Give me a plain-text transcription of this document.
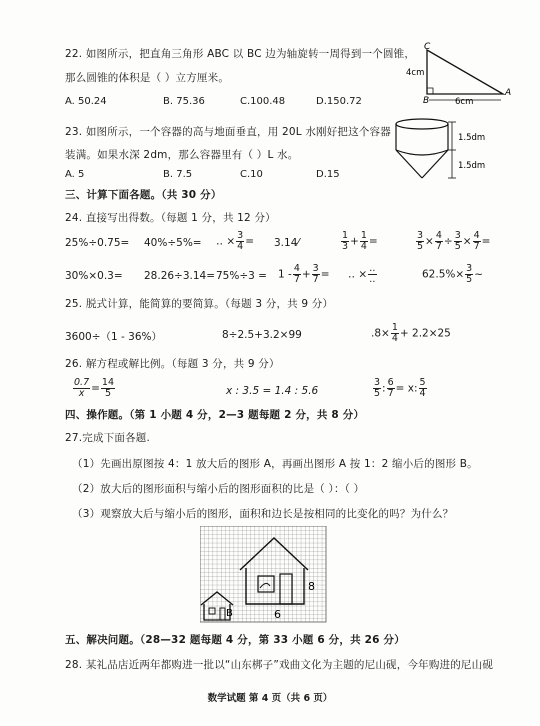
22. 如图所示，把直角三角形 ABC 以 BC 边为轴旋转一周得到一个圆锥，
那么圆锥的体积是（ ）立方厘米。
A. 50.24	B. 75.36	C.100.48	D.150.72
C
B
A
4cm
6cm
23. 如图所示，一个容器的高与地面垂直，用 20L 水刚好把这个容器
装满。如果水深 2dm，那么容器里有（ ）L 水。
A. 5	B. 7.5	C.10	D.15
1.5dm
1.5dm
三、计算下面各题。（共 30 分）
24. 直接写出得数。（每题 1 分，共 12 分）
25%÷0.75= 40%÷5%= ‥ × $\frac{3}{4}$ = 3.14⁄	$\frac{1}{3} + \frac{1}{4}$ =	$\frac{3}{5} \times \frac{4}{7} \div \frac{3}{5} \times \frac{4}{7}$ =
$30\%\times 0.3= 28.26\div 3.14= 75\%\div 3 = 1 - \frac{4}{7} + \frac{3}{7}$ = ‥ × $\frac{‥}{‥}$	$62.5\%\times \frac{3}{5}$ ~
25. 脱式计算，能简算的要简算。（每题 3 分，共 9 分）
3600÷（1 - 36%）	8÷2.5+3.2×99	$.8\times \frac{1}{4} + 2.2\times 25$
26. 解方程或解比例。（每题 3 分，共 9 分）
$\frac{0.7}{x} = \frac{14}{5}$	x : 3.5 = 1.4 : 5.6	$\frac{3}{5}$ : $\frac{6}{7} = x$: $\frac{5}{4}$
四、操作题。（第 1 小题 4 分，2—3 题每题 2 分，共 8 分）
27.完成下面各题.
（1）先画出原图按 4：1 放大后的图形 A，再画出图形 A 按 1：2 缩小后的图形 B。
（2）放大后的图形面积与缩小后的图形面积的比是（ ）：（ ）
（3）观察放大后与缩小后的图形，面积和边长是按相同的比变化的吗？为什么？
8
6
B
五、解决问题。（28—32 题每题 4 分，第 33 小题 6 分，共 26 分）
28. 某礼品店近两年都购进一批以“山东梆子”戏曲文化为主题的尼山砚，今年购进的尼山砚
数学试题 第 4 页（共 6 页）
